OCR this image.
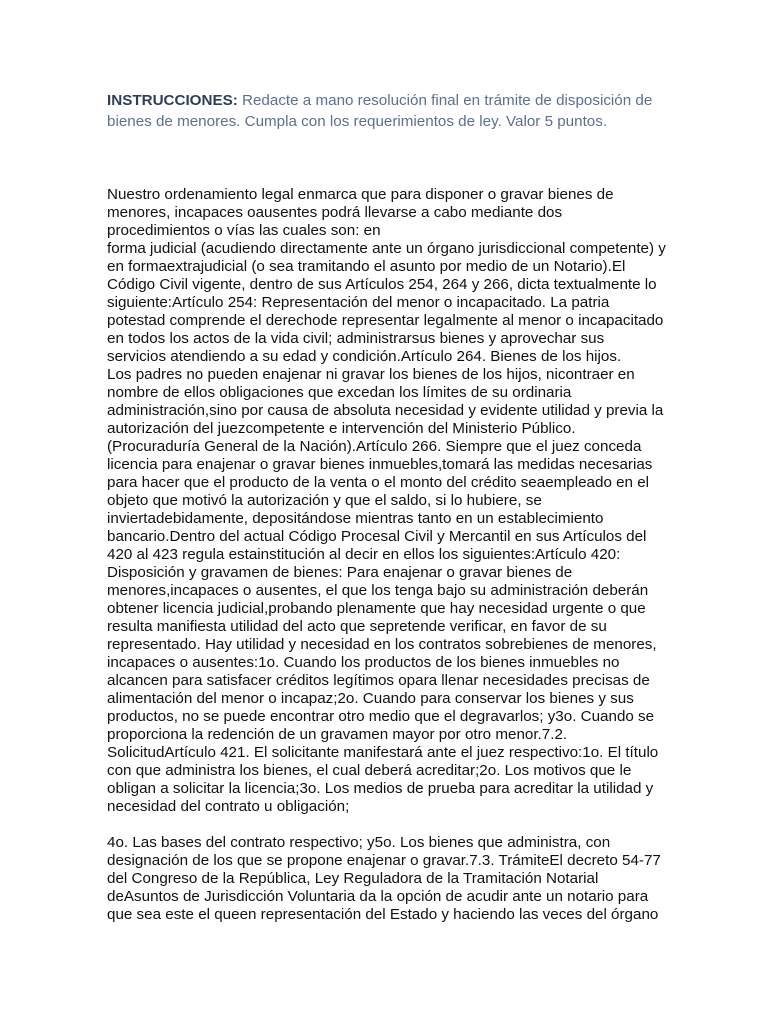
INSTRUCCIONES: Redacte a mano resolución final en trámite de disposición de bienes de menores. Cumpla con los requerimientos de ley. Valor 5 puntos.

Nuestro ordenamiento legal enmarca que para disponer o gravar bienes de
menores, incapaces oausentes podrá llevarse a cabo mediante dos
procedimientos o vías las cuales son: en
forma judicial (acudiendo directamente ante un órgano jurisdiccional competente) y
en formaextrajudicial (o sea tramitando el asunto por medio de un Notario).El
Código Civil vigente, dentro de sus Artículos 254, 264 y 266, dicta textualmente lo
siguiente:Artículo 254: Representación del menor o incapacitado. La patria
potestad comprende el derechode representar legalmente al menor o incapacitado
en todos los actos de la vida civil; administrarsus bienes y aprovechar sus
servicios atendiendo a su edad y condición.Artículo 264. Bienes de los hijos.
Los padres no pueden enajenar ni gravar los bienes de los hijos, nicontraer en
nombre de ellos obligaciones que excedan los límites de su ordinaria
administración,sino por causa de absoluta necesidad y evidente utilidad y previa la
autorización del juezcompetente e intervención del Ministerio Público.
(Procuraduría General de la Nación).Artículo 266. Siempre que el juez conceda
licencia para enajenar o gravar bienes inmuebles,tomará las medidas necesarias
para hacer que el producto de la venta o el monto del crédito seaempleado en el
objeto que motivó la autorización y que el saldo, si lo hubiere, se
inviertadebidamente, depositándose mientras tanto en un establecimiento
bancario.Dentro del actual Código Procesal Civil y Mercantil en sus Artículos del
420 al 423 regula estainstitución al decir en ellos los siguientes:Artículo 420:
Disposición y gravamen de bienes: Para enajenar o gravar bienes de
menores,incapaces o ausentes, el que los tenga bajo su administración deberán
obtener licencia judicial,probando plenamente que hay necesidad urgente o que
resulta manifiesta utilidad del acto que sepretende verificar, en favor de su
representado. Hay utilidad y necesidad en los contratos sobrebienes de menores,
incapaces o ausentes:1o. Cuando los productos de los bienes inmuebles no
alcancen para satisfacer créditos legítimos opara llenar necesidades precisas de
alimentación del menor o incapaz;2o. Cuando para conservar los bienes y sus
productos, no se puede encontrar otro medio que el degravarlos; y3o. Cuando se
proporciona la redención de un gravamen mayor por otro menor.7.2.
SolicitudArtículo 421. El solicitante manifestará ante el juez respectivo:1o. El título
con que administra los bienes, el cual deberá acreditar;2o. Los motivos que le
obligan a solicitar la licencia;3o. Los medios de prueba para acreditar la utilidad y
necesidad del contrato u obligación;

4o. Las bases del contrato respectivo; y5o. Los bienes que administra, con
designación de los que se propone enajenar o gravar.7.3. TrámiteEl decreto 54-77
del Congreso de la República, Ley Reguladora de la Tramitación Notarial
deAsuntos de Jurisdicción Voluntaria da la opción de acudir ante un notario para
que sea este el queen representación del Estado y haciendo las veces del órgano
